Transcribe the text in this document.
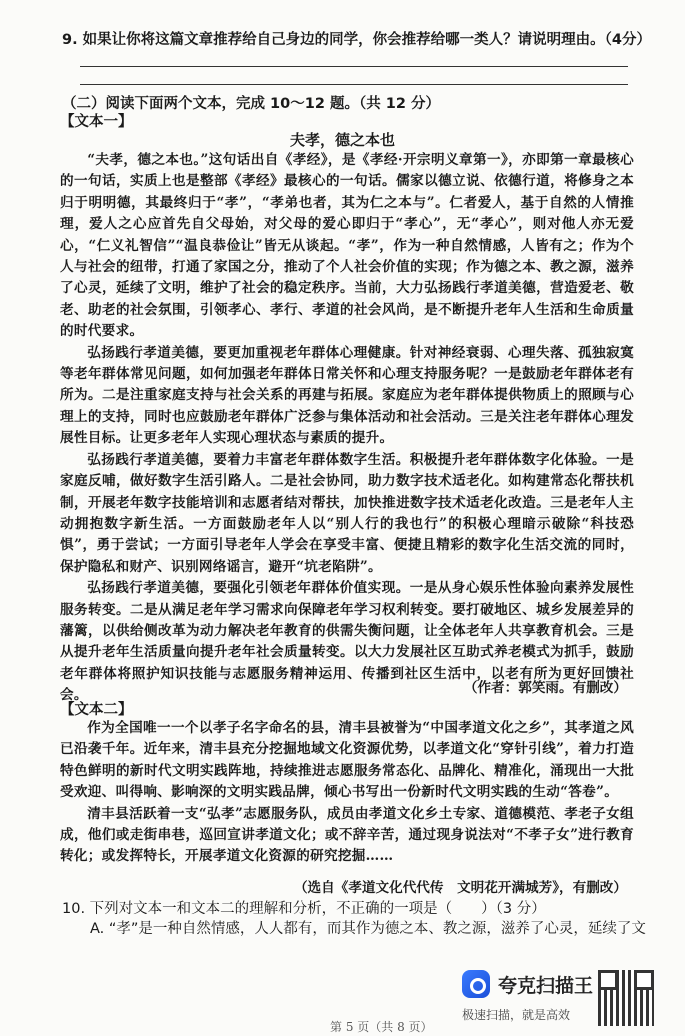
9. 如果让你将这篇文章推荐给自己身边的同学，你会推荐给哪一类人？请说明理由。（4分）
（二）阅读下面两个文本，完成 10～12 题。（共 12 分）
【文本一】
夫孝，德之本也

“夫孝，德之本也。”这句话出自《孝经》，是《孝经·开宗明义章第一》，亦即第一章最核心的一句话，实质上也是整部《孝经》最核心的一句话。儒家以德立说、依德行道，将修身之本归于明明德，其最终归于“孝”，“孝弟也者，其为仁之本与”。仁者爱人，基于自然的人情推理，爱人之心应首先自父母始，对父母的爱心即归于“孝心”，无“孝心”，则对他人亦无爱心，“仁义礼智信”“温良恭俭让”皆无从谈起。“孝”，作为一种自然情感，人皆有之；作为个人与社会的纽带，打通了家国之分，推动了个人社会价值的实现；作为德之本、教之源，滋养了心灵，延续了文明，维护了社会的稳定秩序。当前，大力弘扬践行孝道美德，营造爱老、敬老、助老的社会氛围，引领孝心、孝行、孝道的社会风尚，是不断提升老年人生活和生命质量的时代要求。

弘扬践行孝道美德，要更加重视老年群体心理健康。针对神经衰弱、心理失落、孤独寂寞等老年群体常见问题，如何加强老年群体日常关怀和心理支持服务呢？一是鼓励老年群体老有所为。二是注重家庭支持与社会关系的再建与拓展。家庭应为老年群体提供物质上的照顾与心理上的支持，同时也应鼓励老年群体广泛参与集体活动和社会活动。三是关注老年群体心理发展性目标。让更多老年人实现心理状态与素质的提升。

弘扬践行孝道美德，要着力丰富老年群体数字生活。积极提升老年群体数字化体验。一是家庭反哺，做好数字生活引路人。二是社会协同，助力数字技术适老化。如构建常态化帮扶机制，开展老年数字技能培训和志愿者结对帮扶，加快推进数字技术适老化改造。三是老年人主动拥抱数字新生活。一方面鼓励老年人以“别人行的我也行”的积极心理暗示破除“科技恐惧”，勇于尝试；一方面引导老年人学会在享受丰富、便捷且精彩的数字化生活交流的同时，保护隐私和财产、识别网络谣言，避开“坑老陷阱”。

弘扬践行孝道美德，要强化引领老年群体价值实现。一是从身心娱乐性体验向素养发展性服务转变。二是从满足老年学习需求向保障老年学习权利转变。要打破地区、城乡发展差异的藩篱，以供给侧改革为动力解决老年教育的供需失衡问题，让全体老年人共享教育机会。三是从提升老年生活质量向提升老年社会质量转变。以大力发展社区互助式养老模式为抓手，鼓励老年群体将照护知识技能与志愿服务精神运用、传播到社区生活中，以老有所为更好回馈社会。	（作者：郭笑雨。有删改）
【文本二】

作为全国唯一一个以孝子名字命名的县，清丰县被誉为“中国孝道文化之乡”，其孝道之风已沿袭千年。近年来，清丰县充分挖掘地域文化资源优势，以孝道文化“穿针引线”，着力打造特色鲜明的新时代文明实践阵地，持续推进志愿服务常态化、品牌化、精准化，涌现出一大批受欢迎、叫得响、影响深的文明实践品牌，倾心书写出一份新时代文明实践的生动“答卷”。

清丰县活跃着一支“弘孝”志愿服务队，成员由孝道文化乡土专家、道德模范、孝老子女组成，他们或走街串巷，巡回宣讲孝道文化；或不辞辛苦，通过现身说法对“不孝子女”进行教育转化；或发挥特长，开展孝道文化资源的研究挖掘……

（选自《孝道文化代代传　文明花开满城芳》，有删改）
10. 下列对文本一和文本二的理解和分析，不正确的一项是（　　）（3 分）
A. “孝”是一种自然情感，人人都有，而其作为德之本、教之源，滋养了心灵，延续了文
第 5 页（共 8 页）
夸克扫描王
极速扫描，就是高效
